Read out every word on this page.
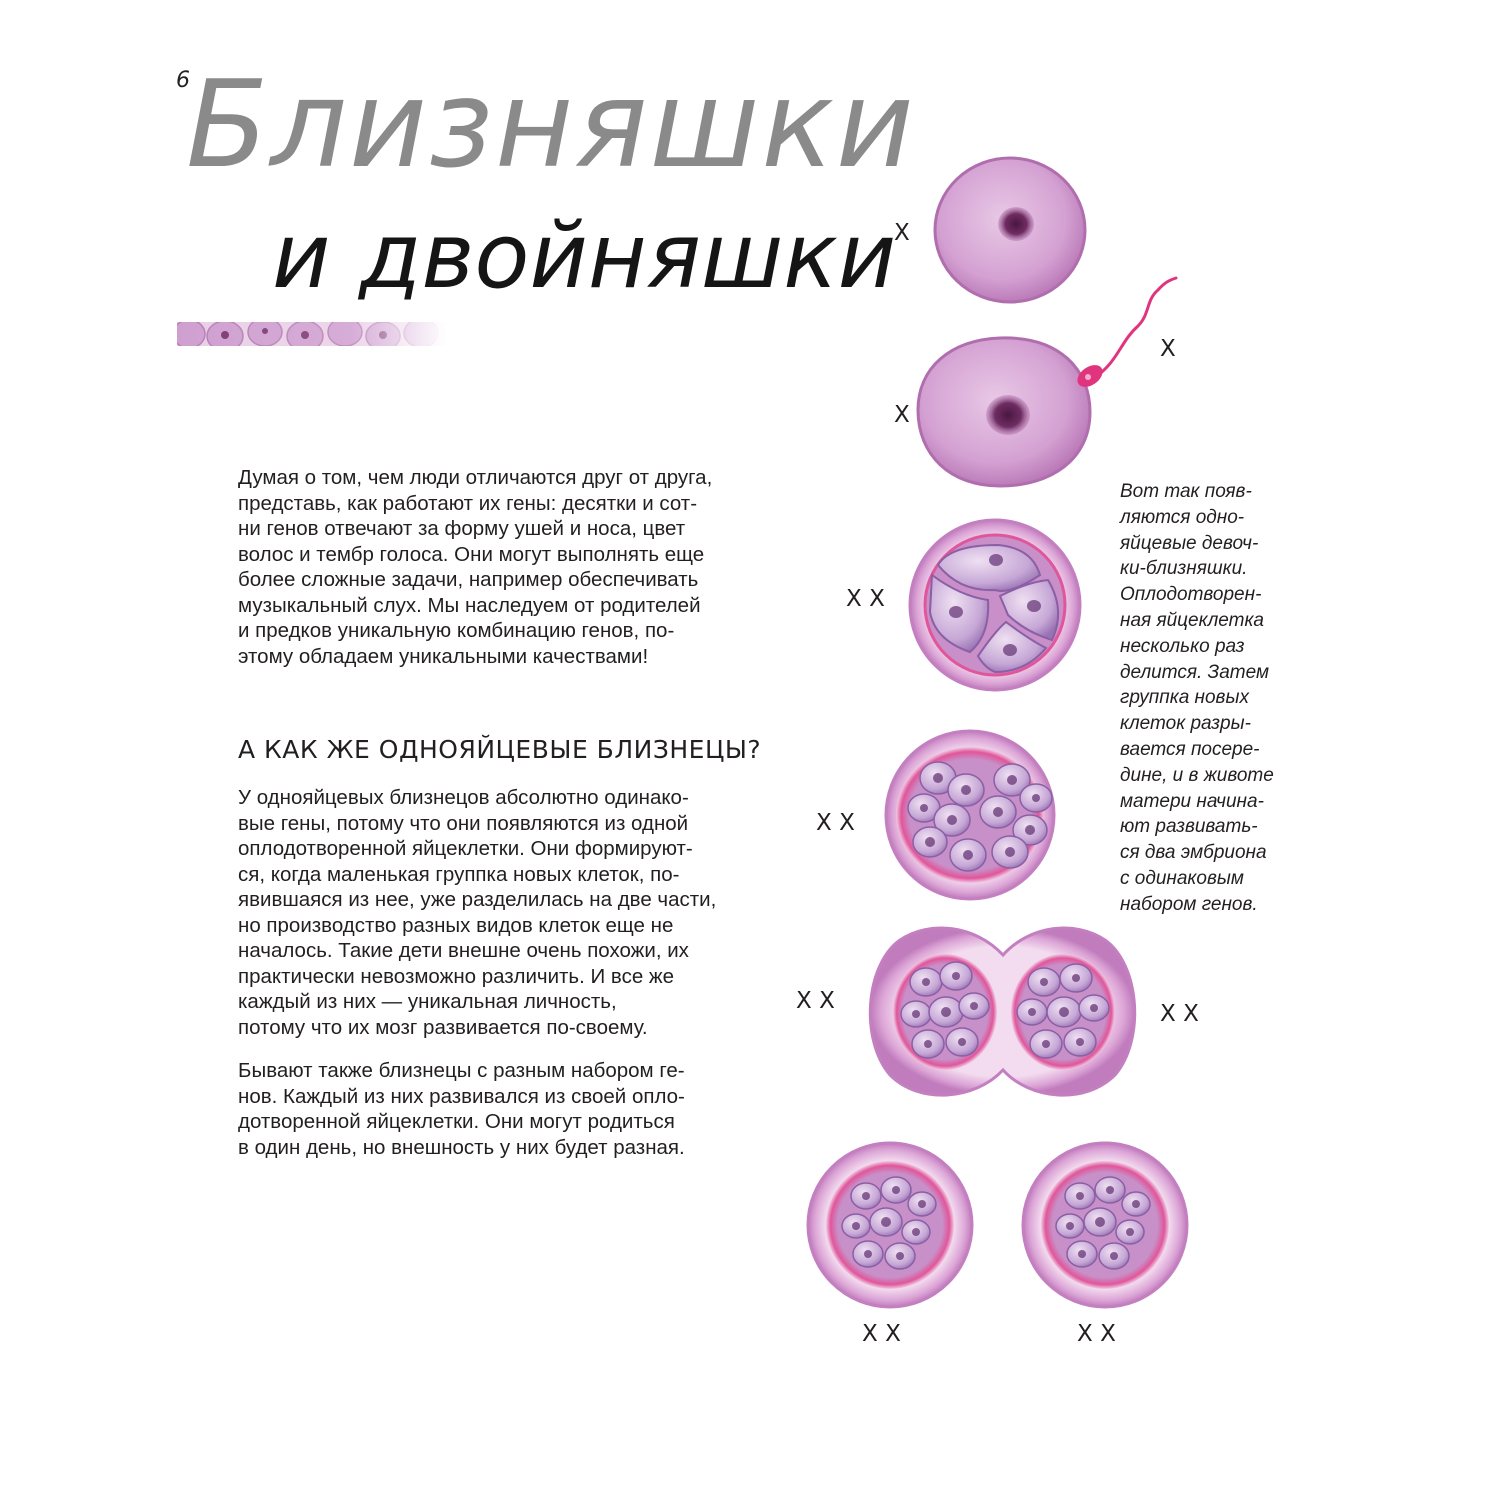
6
Близняшки
и двойняшки

Думая о том, чем люди отличаются друг от друга,

представь, как работают их гены: десятки и сот-

ни генов отвечают за форму ушей и носа, цвет

волос и тембр голоса. Они могут выполнять еще

более сложные задачи, например обеспечивать

музыкальный слух. Мы наследуем от родителей

и предков уникальную комбинацию генов, по-

этому обладаем уникальными качествами!

А КАК ЖЕ ОДНОЯЙЦЕВЫЕ БЛИЗНЕЦЫ?

У однояйцевых близнецов абсолютно одинако-

вые гены, потому что они появляются из одной

оплодотворенной яйцеклетки. Они формируют-

ся, когда маленькая группка новых клеток, по-

явившаяся из нее, уже разделилась на две части,

но производство разных видов клеток еще не

началось. Такие дети внешне очень похожи, их

практически невозможно различить. И все же

каждый из них — уникальная личность,

потому что их мозг развивается по-своему.

Бывают также близнецы с разным набором ге-

нов. Каждый из них развивался из своей опло-

дотворенной яйцеклетки. Они могут родиться

в один день, но внешность у них будет разная.

Вот так появ-

ляются одно-

яйцевые девоч-

ки-близняшки.

Оплодотворен-

ная яйцеклетка

несколько раз

делится. Затем

группка новых

клеток разры-

вается посере-

дине, и в животе

матери начина-

ют развивать-

ся два эмбриона

с одинаковым

набором генов.

X
X
X
X X
X X
X X	X X
X X	X X
